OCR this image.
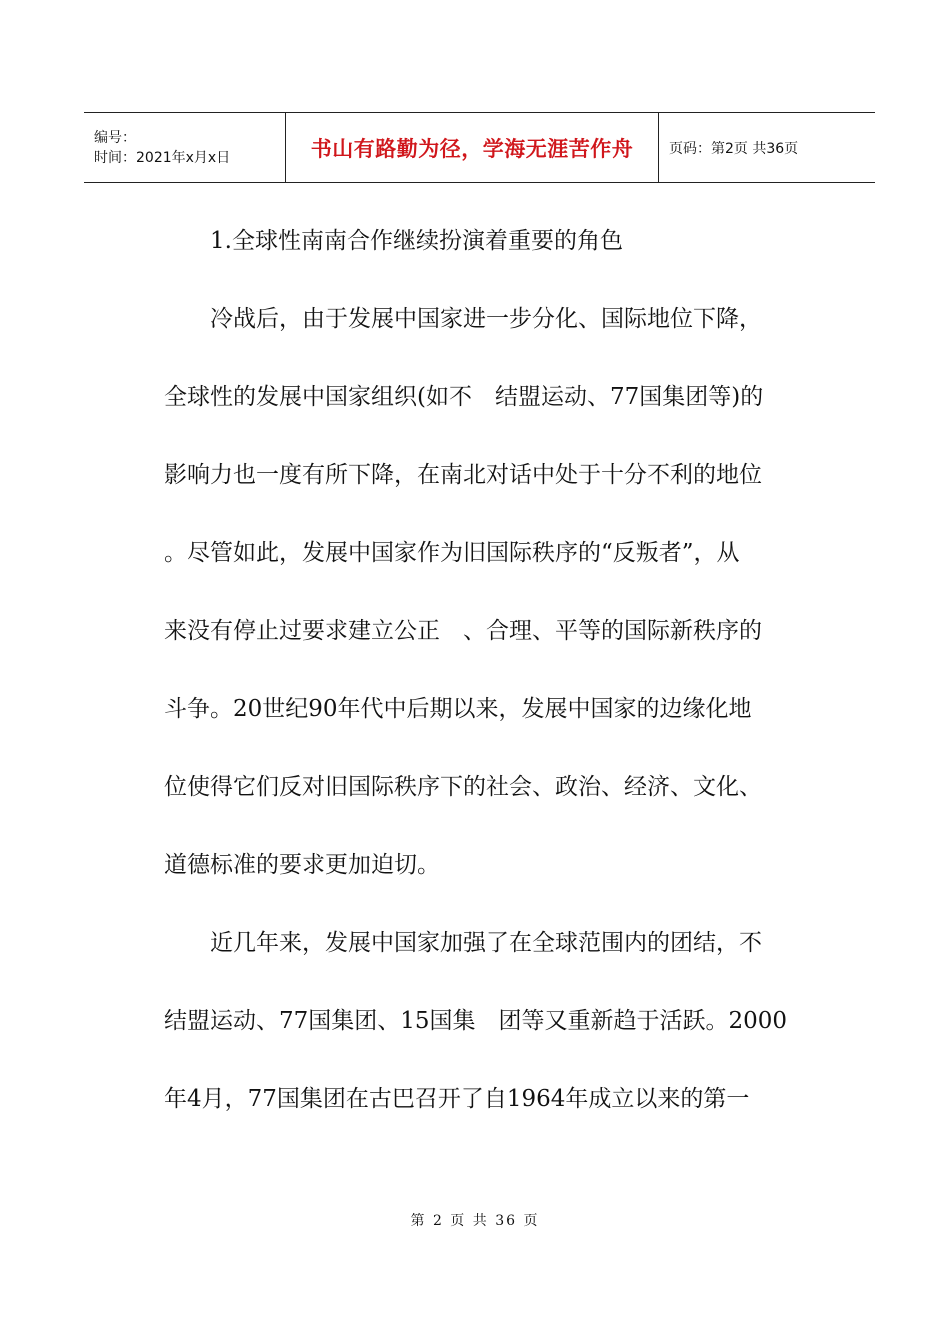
编号：
时间：2021年x月x日	书山有路勤为径，学海无涯苦作舟	页码：第2页 共36页
1.全球性南南合作继续扮演着重要的角色
冷战后，由于发展中国家进一步分化、国际地位下降，
全球性的发展中国家组织(如不　结盟运动、77国集团等)的
影响力也一度有所下降，在南北对话中处于十分不利的地位
。尽管如此，发展中国家作为旧国际秩序的“反叛者”，从
来没有停止过要求建立公正　、合理、平等的国际新秩序的
斗争。20世纪90年代中后期以来，发展中国家的边缘化地
位使得它们反对旧国际秩序下的社会、政治、经济、文化、
道德标准的要求更加迫切。
近几年来，发展中国家加强了在全球范围内的团结，不
结盟运动、77国集团、15国集　团等又重新趋于活跃。2000
年4月，77国集团在古巴召开了自1964年成立以来的第一
第 2 页 共 36 页
